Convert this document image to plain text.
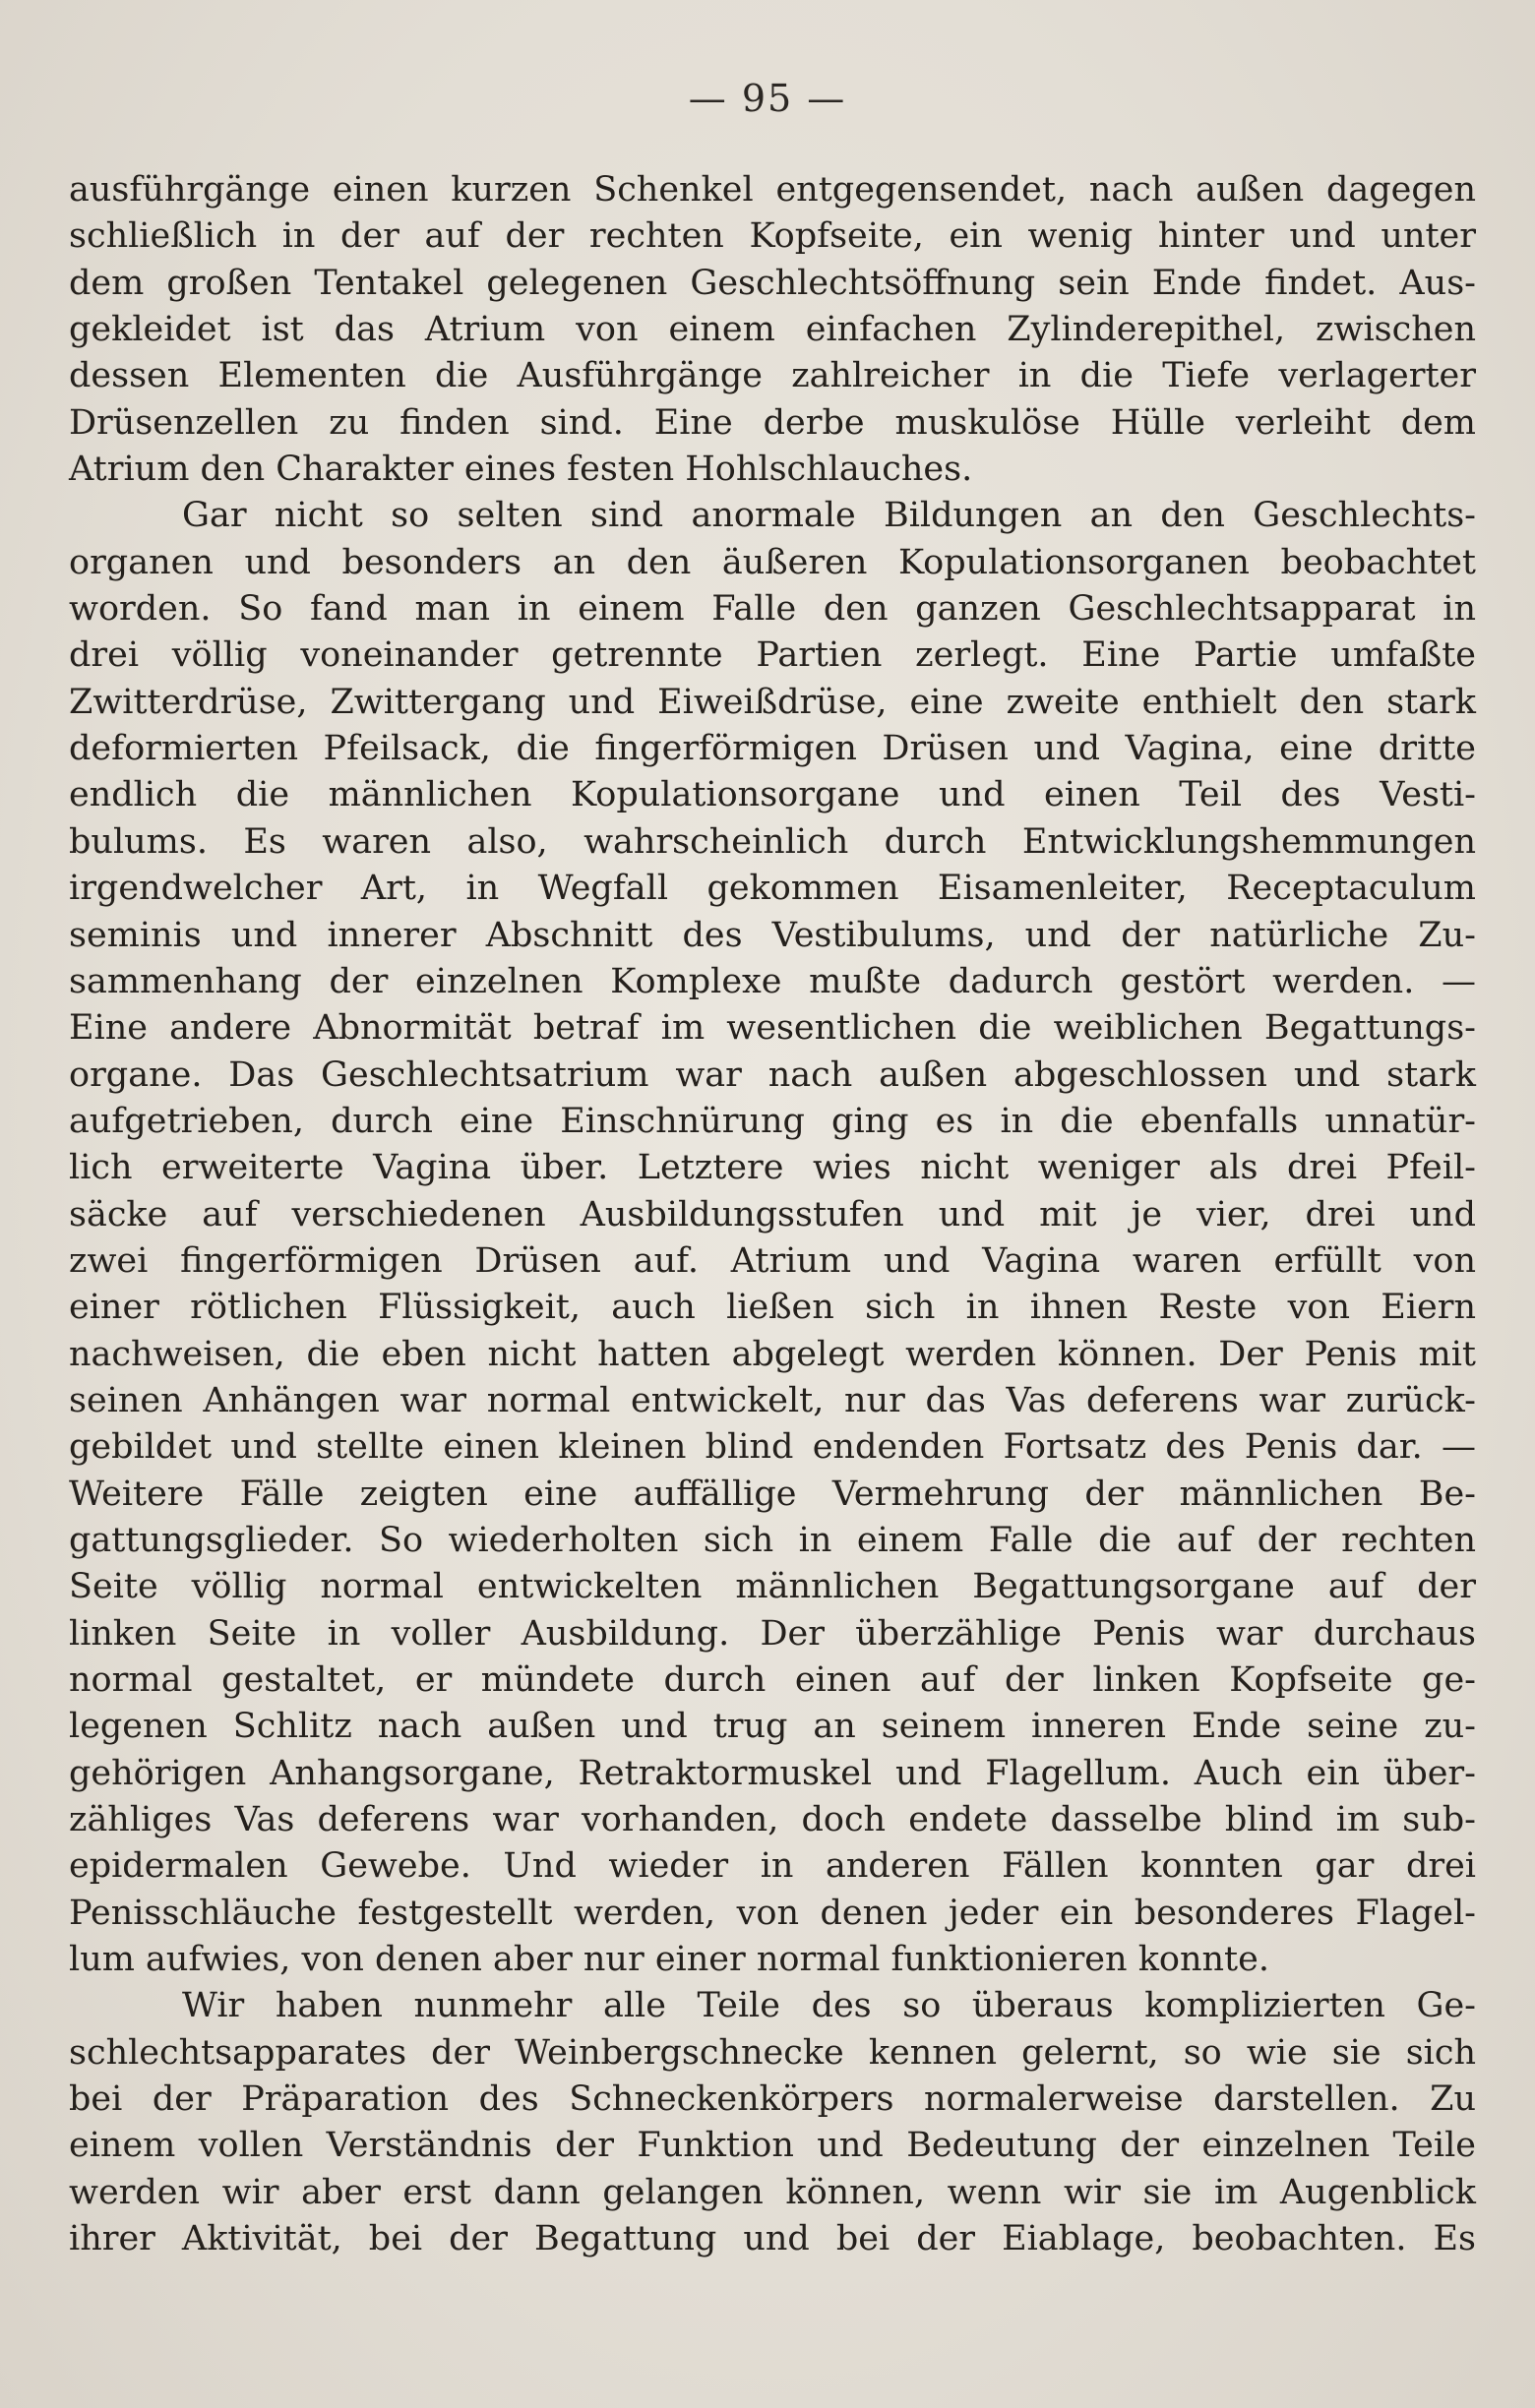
— 95 —
ausführgänge einen kurzen Schenkel entgegensendet, nach außen dagegen
schließlich in der auf der rechten Kopfseite, ein wenig hinter und unter
dem großen Tentakel gelegenen Geschlechtsöffnung sein Ende findet. Aus-
gekleidet ist das Atrium von einem einfachen Zylinderepithel, zwischen
dessen Elementen die Ausführgänge zahlreicher in die Tiefe verlagerter
Drüsenzellen zu finden sind. Eine derbe muskulöse Hülle verleiht dem
Atrium den Charakter eines festen Hohlschlauches.
Gar nicht so selten sind anormale Bildungen an den Geschlechts-
organen und besonders an den äußeren Kopulationsorganen beobachtet
worden. So fand man in einem Falle den ganzen Geschlechtsapparat in
drei völlig voneinander getrennte Partien zerlegt. Eine Partie umfaßte
Zwitterdrüse, Zwittergang und Eiweißdrüse, eine zweite enthielt den stark
deformierten Pfeilsack, die fingerförmigen Drüsen und Vagina, eine dritte
endlich die männlichen Kopulationsorgane und einen Teil des Vesti-
bulums. Es waren also, wahrscheinlich durch Entwicklungshemmungen
irgendwelcher Art, in Wegfall gekommen Eisamenleiter, Receptaculum
seminis und innerer Abschnitt des Vestibulums, und der natürliche Zu-
sammenhang der einzelnen Komplexe mußte dadurch gestört werden. —
Eine andere Abnormität betraf im wesentlichen die weiblichen Begattungs-
organe. Das Geschlechtsatrium war nach außen abgeschlossen und stark
aufgetrieben, durch eine Einschnürung ging es in die ebenfalls unnatür-
lich erweiterte Vagina über. Letztere wies nicht weniger als drei Pfeil-
säcke auf verschiedenen Ausbildungsstufen und mit je vier, drei und
zwei fingerförmigen Drüsen auf. Atrium und Vagina waren erfüllt von
einer rötlichen Flüssigkeit, auch ließen sich in ihnen Reste von Eiern
nachweisen, die eben nicht hatten abgelegt werden können. Der Penis mit
seinen Anhängen war normal entwickelt, nur das Vas deferens war zurück-
gebildet und stellte einen kleinen blind endenden Fortsatz des Penis dar. —
Weitere Fälle zeigten eine auffällige Vermehrung der männlichen Be-
gattungsglieder. So wiederholten sich in einem Falle die auf der rechten
Seite völlig normal entwickelten männlichen Begattungsorgane auf der
linken Seite in voller Ausbildung. Der überzählige Penis war durchaus
normal gestaltet, er mündete durch einen auf der linken Kopfseite ge-
legenen Schlitz nach außen und trug an seinem inneren Ende seine zu-
gehörigen Anhangsorgane, Retraktormuskel und Flagellum. Auch ein über-
zähliges Vas deferens war vorhanden, doch endete dasselbe blind im sub-
epidermalen Gewebe. Und wieder in anderen Fällen konnten gar drei
Penisschläuche festgestellt werden, von denen jeder ein besonderes Flagel-
lum aufwies, von denen aber nur einer normal funktionieren konnte.
Wir haben nunmehr alle Teile des so überaus komplizierten Ge-
schlechtsapparates der Weinbergschnecke kennen gelernt, so wie sie sich
bei der Präparation des Schneckenkörpers normalerweise darstellen. Zu
einem vollen Verständnis der Funktion und Bedeutung der einzelnen Teile
werden wir aber erst dann gelangen können, wenn wir sie im Augenblick
ihrer Aktivität, bei der Begattung und bei der Eiablage, beobachten. Es
